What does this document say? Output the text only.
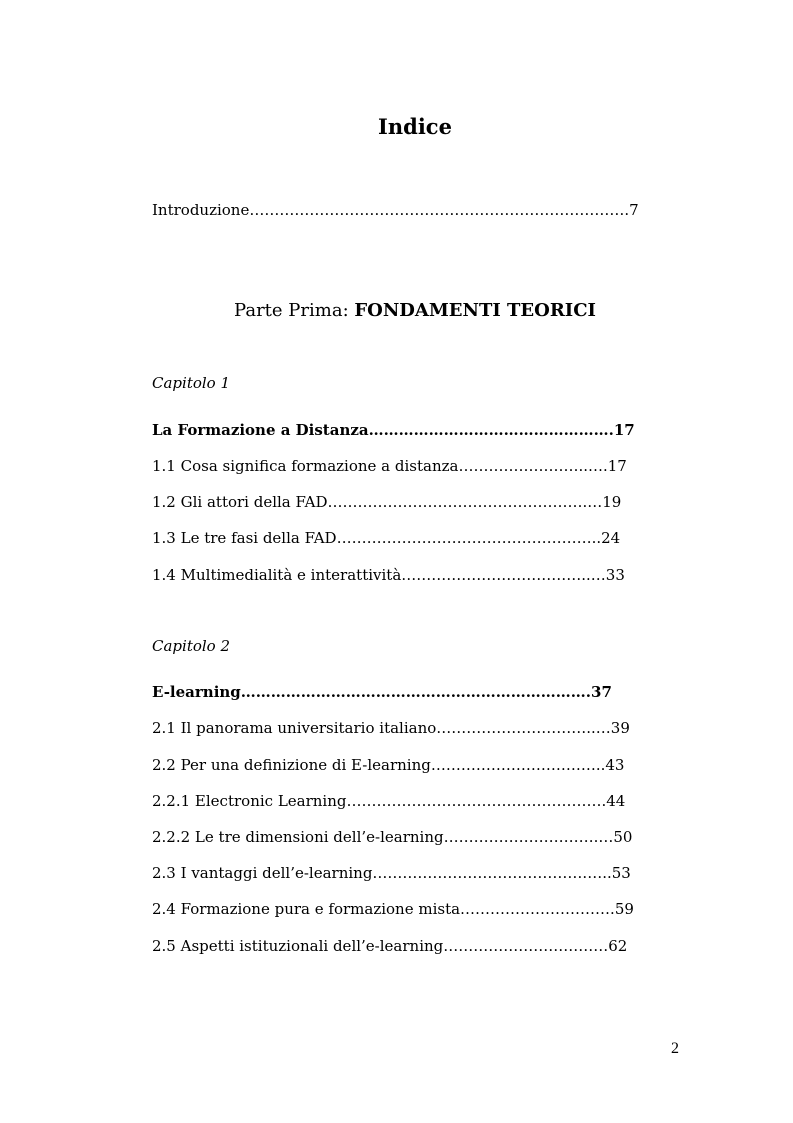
Indice
Introduzione………………………………………………………………….7
Parte Prima: FONDAMENTI TEORICI
Capitolo 1
La Formazione a Distanza………………………………………….17
1.1 Cosa significa formazione a distanza……………………..….17
1.2 Gli attori della FAD…………………………………………….…19
1.3 Le tre fasi della FAD……………………………………………..24
1.4 Multimedialità e interattività………………………………..…33
Capitolo 2
E-learning…………………………………………………………….37
2.1 Il panorama universitario italiano…………………………..…39
2.2 Per una definizione di E-learning……………………………..43
2.2.1 Electronic Learning…………………………………………….44
2.2.2 Le tre dimensioni dell’e-learning………………………….…50
2.3 I vantaggi dell’e-learning…………………………………….…..53
2.4 Formazione pura e formazione mista………………………….59
2.5 Aspetti istituzionali dell’e-learning……………………………62
2
